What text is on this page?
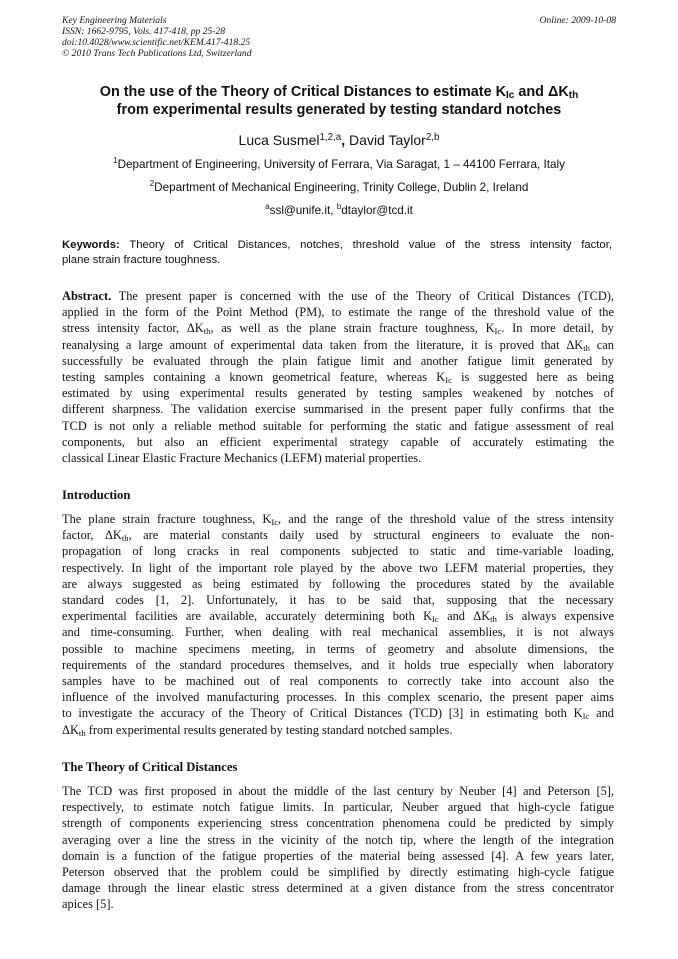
Key Engineering Materials
ISSN: 1662-9795, Vols. 417-418, pp 25-28
doi:10.4028/www.scientific.net/KEM.417-418.25
© 2010 Trans Tech Publications Ltd, Switzerland
Online: 2009-10-08
On the use of the Theory of Critical Distances to estimate $K_{Ic}$ and $\Delta K_{th}$
from experimental results generated by testing standard notches
Luca Susmel$^{1,2,a}$, David Taylor$^{2,b}$
$^1$Department of Engineering, University of Ferrara, Via Saragat, 1 – 44100 Ferrara, Italy
$^2$Department of Mechanical Engineering, Trinity College, Dublin 2, Ireland
$^a$ssl@unife.it, $^b$dtaylor@tcd.it
Keywords: Theory of Critical Distances, notches, threshold value of the stress intensity factor,
plane strain fracture toughness.
Abstract. The present paper is concerned with the use of the Theory of Critical Distances (TCD),
applied in the form of the Point Method (PM), to estimate the range of the threshold value of the
stress intensity factor, $\Delta K_{th}$, as well as the plane strain fracture toughness, $K_{Ic}$. In more detail, by
reanalysing a large amount of experimental data taken from the literature, it is proved that $\Delta K_{th}$ can
successfully be evaluated through the plain fatigue limit and another fatigue limit generated by
testing samples containing a known geometrical feature, whereas $K_{Ic}$ is suggested here as being
estimated by using experimental results generated by testing samples weakened by notches of
different sharpness. The validation exercise summarised in the present paper fully confirms that the
TCD is not only a reliable method suitable for performing the static and fatigue assessment of real
components, but also an efficient experimental strategy capable of accurately estimating the
classical Linear Elastic Fracture Mechanics (LEFM) material properties.
Introduction
The plane strain fracture toughness, $K_{Ic}$, and the range of the threshold value of the stress intensity
factor, $\Delta K_{th}$, are material constants daily used by structural engineers to evaluate the non-
propagation of long cracks in real components subjected to static and time-variable loading,
respectively. In light of the important role played by the above two LEFM material properties, they
are always suggested as being estimated by following the procedures stated by the available
standard codes [1, 2]. Unfortunately, it has to be said that, supposing that the necessary
experimental facilities are available, accurately determining both $K_{Ic}$ and $\Delta K_{th}$ is always expensive
and time-consuming. Further, when dealing with real mechanical assemblies, it is not always
possible to machine specimens meeting, in terms of geometry and absolute dimensions, the
requirements of the standard procedures themselves, and it holds true especially when laboratory
samples have to be machined out of real components to correctly take into account also the
influence of the involved manufacturing processes. In this complex scenario, the present paper aims
to investigate the accuracy of the Theory of Critical Distances (TCD) [3] in estimating both $K_{Ic}$ and
$\Delta K_{th}$ from experimental results generated by testing standard notched samples.
The Theory of Critical Distances
The TCD was first proposed in about the middle of the last century by Neuber [4] and Peterson [5],
respectively, to estimate notch fatigue limits. In particular, Neuber argued that high-cycle fatigue
strength of components experiencing stress concentration phenomena could be predicted by simply
averaging over a line the stress in the vicinity of the notch tip, where the length of the integration
domain is a function of the fatigue properties of the material being assessed [4]. A few years later,
Peterson observed that the problem could be simplified by directly estimating high-cycle fatigue
damage through the linear elastic stress determined at a given distance from the stress concentrator
apices [5].
